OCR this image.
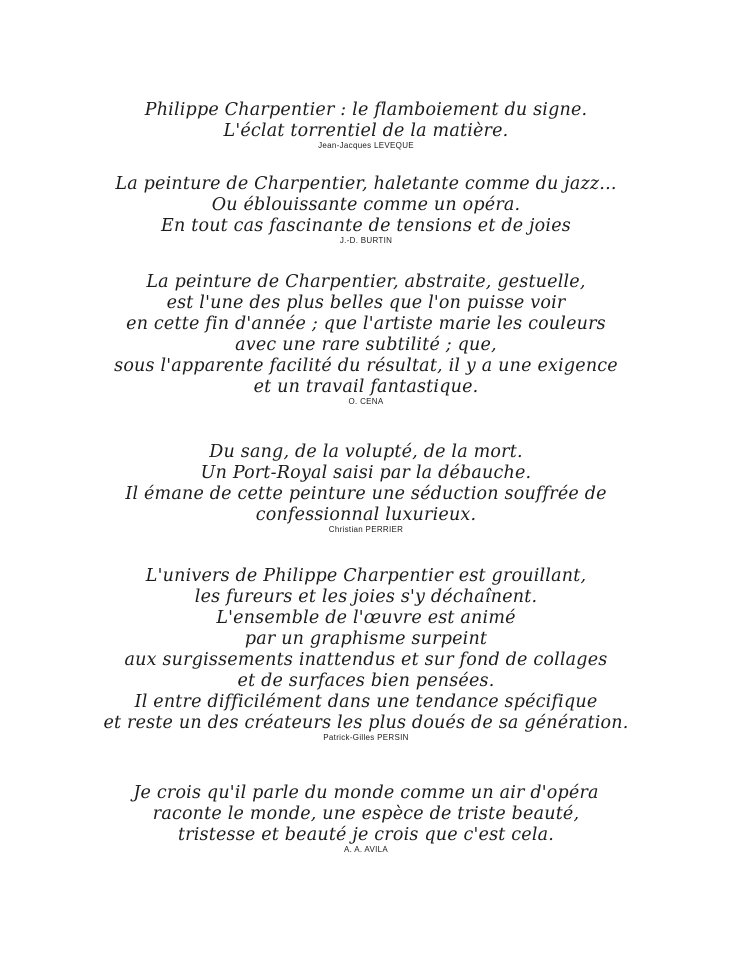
Philippe Charpentier : le flamboiement du signe.
L'éclat torrentiel de la matière.
Jean-Jacques LEVEQUE
La peinture de Charpentier, haletante comme du jazz...
Ou éblouissante comme un opéra.
En tout cas fascinante de tensions et de joies
J.-D. BURTIN
La peinture de Charpentier, abstraite, gestuelle,
est l'une des plus belles que l'on puisse voir
en cette fin d'année ; que l'artiste marie les couleurs
avec une rare subtilité ; que,
sous l'apparente facilité du résultat, il y a une exigence
et un travail fantastique.
O. CENA
Du sang, de la volupté, de la mort.
Un Port-Royal saisi par la débauche.
Il émane de cette peinture une séduction souffrée de
confessionnal luxurieux.
Christian PERRIER
L'univers de Philippe Charpentier est grouillant,
les fureurs et les joies s'y déchaînent.
L'ensemble de l'œuvre est animé
par un graphisme surpeint
aux surgissements inattendus et sur fond de collages
et de surfaces bien pensées.
Il entre difficilément dans une tendance spécifique
et reste un des créateurs les plus doués de sa génération.
Patrick-Gilles PERSIN
Je crois qu'il parle du monde comme un air d'opéra
raconte le monde, une espèce de triste beauté,
tristesse et beauté je crois que c'est cela.
A. A. AVILA
